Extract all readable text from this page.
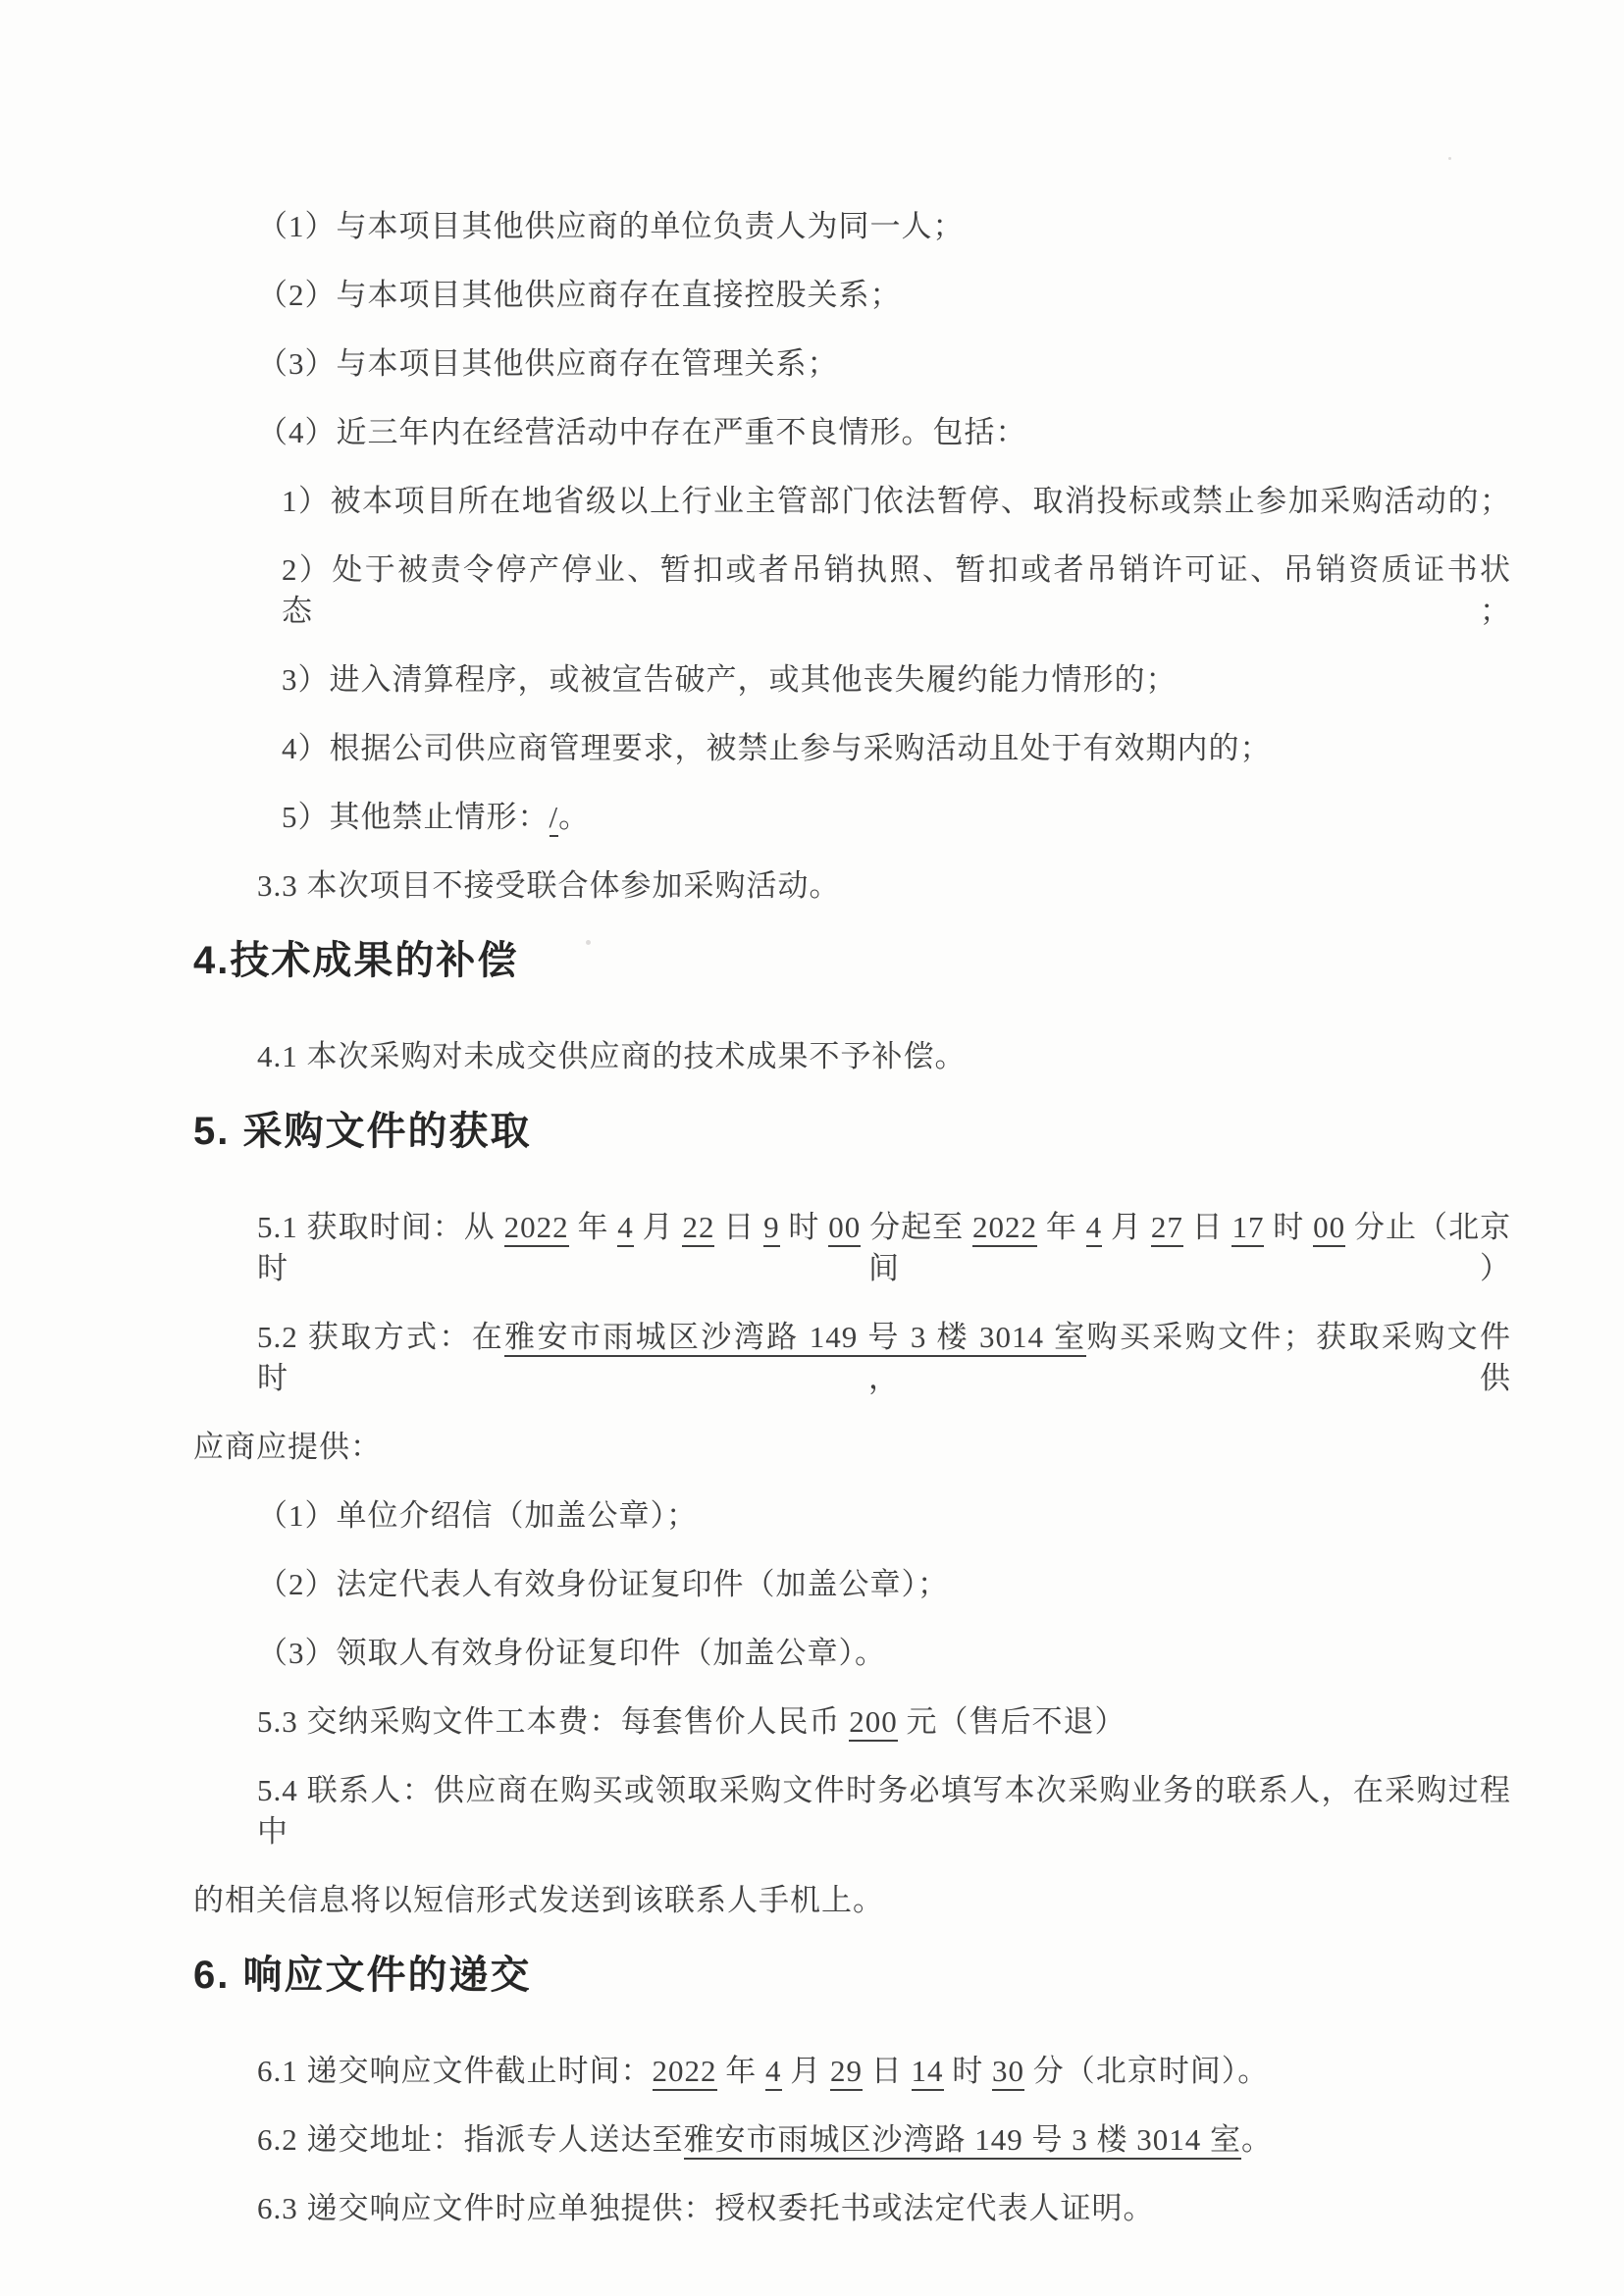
（1）与本项目其他供应商的单位负责人为同一人；
（2）与本项目其他供应商存在直接控股关系；
（3）与本项目其他供应商存在管理关系；
（4）近三年内在经营活动中存在严重不良情形。包括：
1）被本项目所在地省级以上行业主管部门依法暂停、取消投标或禁止参加采购活动的；
2）处于被责令停产停业、暂扣或者吊销执照、暂扣或者吊销许可证、吊销资质证书状态；
3）进入清算程序，或被宣告破产，或其他丧失履约能力情形的；
4）根据公司供应商管理要求，被禁止参与采购活动且处于有效期内的；
5）其他禁止情形：/。
3.3 本次项目不接受联合体参加采购活动。
4.技术成果的补偿
4.1 本次采购对未成交供应商的技术成果不予补偿。
5. 采购文件的获取
5.1 获取时间：从 2022 年 4 月 22 日 9 时 00 分起至 2022 年 4 月 27 日 17 时 00 分止（北京时间）
5.2 获取方式：在雅安市雨城区沙湾路 149 号 3 楼 3014 室购买采购文件；获取采购文件时，供
应商应提供：
（1）单位介绍信（加盖公章）；
（2）法定代表人有效身份证复印件（加盖公章）；
（3）领取人有效身份证复印件（加盖公章）。
5.3 交纳采购文件工本费：每套售价人民币 200 元（售后不退）
5.4 联系人：供应商在购买或领取采购文件时务必填写本次采购业务的联系人，在采购过程中
的相关信息将以短信形式发送到该联系人手机上。
6. 响应文件的递交
6.1 递交响应文件截止时间：2022 年 4 月 29 日 14 时 30 分（北京时间）。
6.2 递交地址：指派专人送达至雅安市雨城区沙湾路 149 号 3 楼 3014 室。
6.3 递交响应文件时应单独提供：授权委托书或法定代表人证明。
